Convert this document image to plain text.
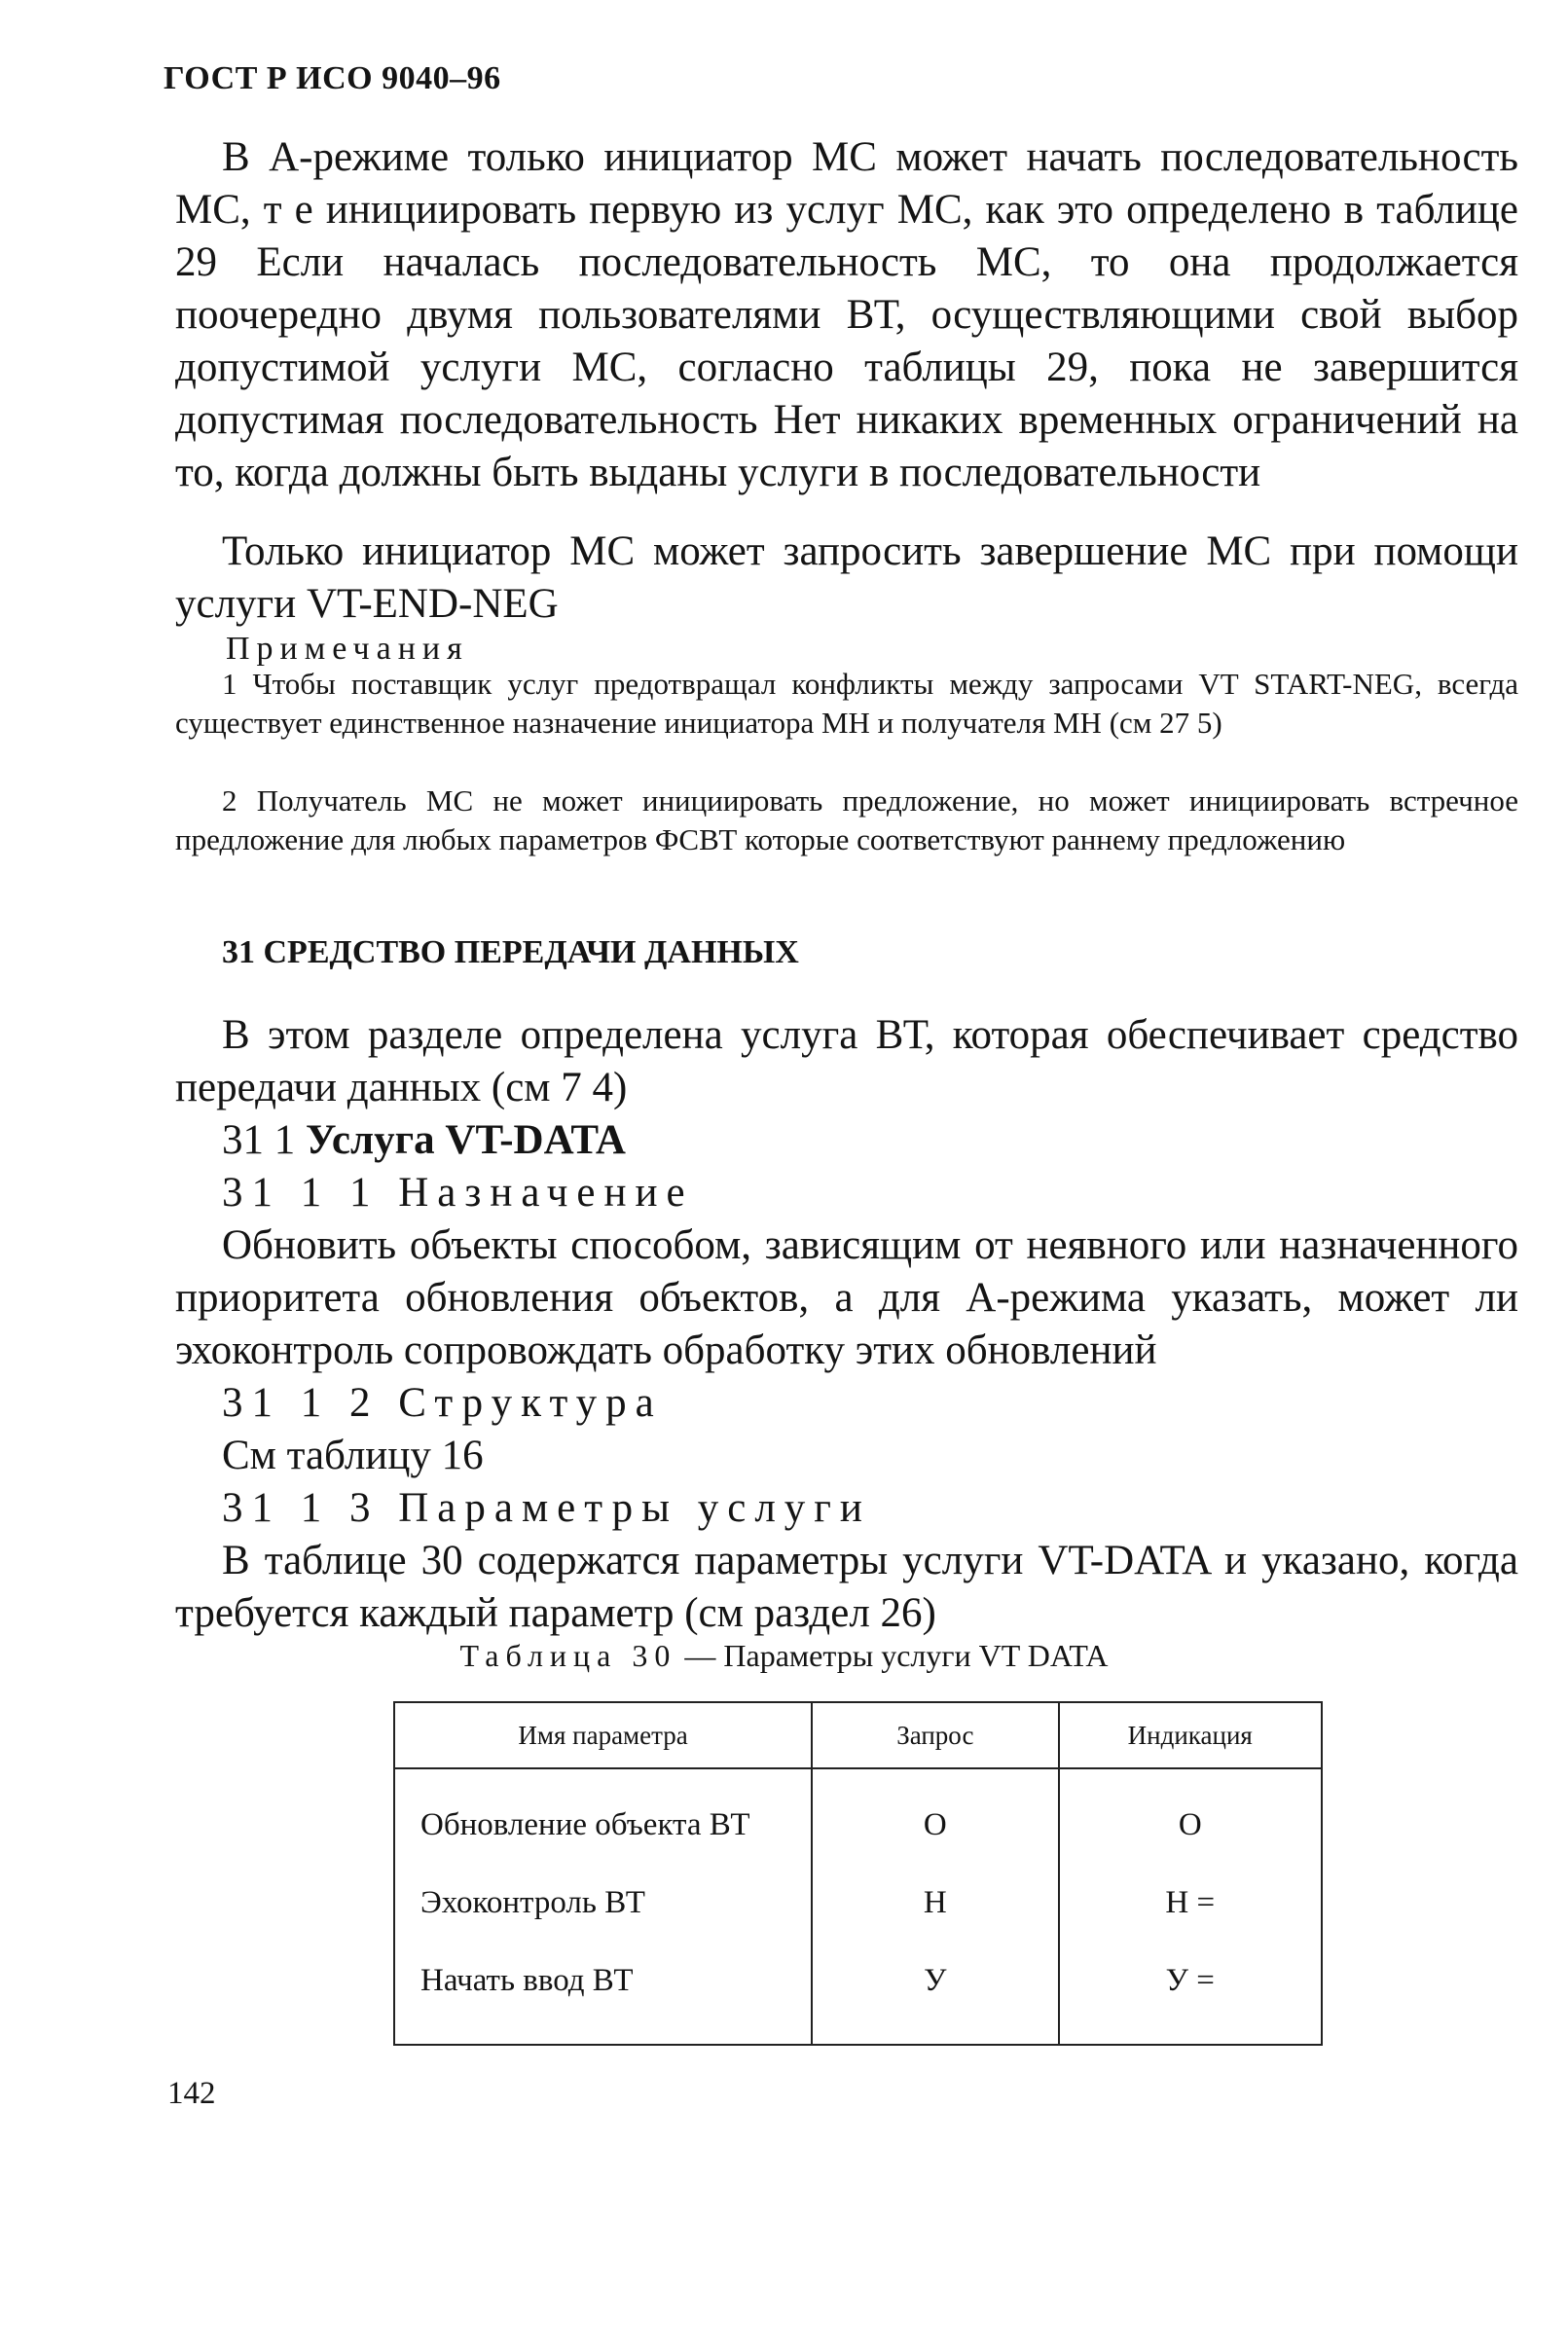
ГОСТ Р ИСО 9040–96

В А-режиме только инициатор МС может начать последовательность МС, т е инициировать первую из услуг МС, как это определено в таблице 29 Если началась последовательность МС, то она продолжается поочередно двумя пользователями ВТ, осуществляющими свой выбор допустимой услуги МС, согласно таблицы 29, пока не завершится допустимая последовательность Нет никаких временных ограничений на то, когда должны быть выданы услуги в последовательности

Только инициатор МС может запросить завершение МС при помощи услуги VT-END-NEG

Примечания

1 Чтобы поставщик услуг предотвращал конфликты между запросами VT START-NEG, всегда существует единственное назначение инициатора МН и получателя МН (см 27 5)

2 Получатель МС не может инициировать предложение, но может инициировать встречное предложение для любых параметров ФСВТ которые соответствуют раннему предложению

31 СРЕДСТВО ПЕРЕДАЧИ ДАННЫХ

В этом разделе определена услуга ВТ, которая обеспечивает средство передачи данных (см 7 4)

31 1 Услуга VT-DATA
31 1 1 Назначение

Обновить объекты способом, зависящим от неявного или назначенного приоритета обновления объектов, а для А-режима указать, может ли эхоконтроль сопровождать обработку этих обновлений

31 1 2 Структура
См таблицу 16
31 1 3 Параметры услуги

В таблице 30 содержатся параметры услуги VT-DATA и указано, когда требуется каждый параметр (см раздел 26)

Таблица 30 — Параметры услуги VT DATA
Имя параметра	Запрос	Индикация
Обновление объекта ВТ	О	О
Эхоконтроль ВТ	Н	Н =
Начать ввод ВТ	У	У =
142
